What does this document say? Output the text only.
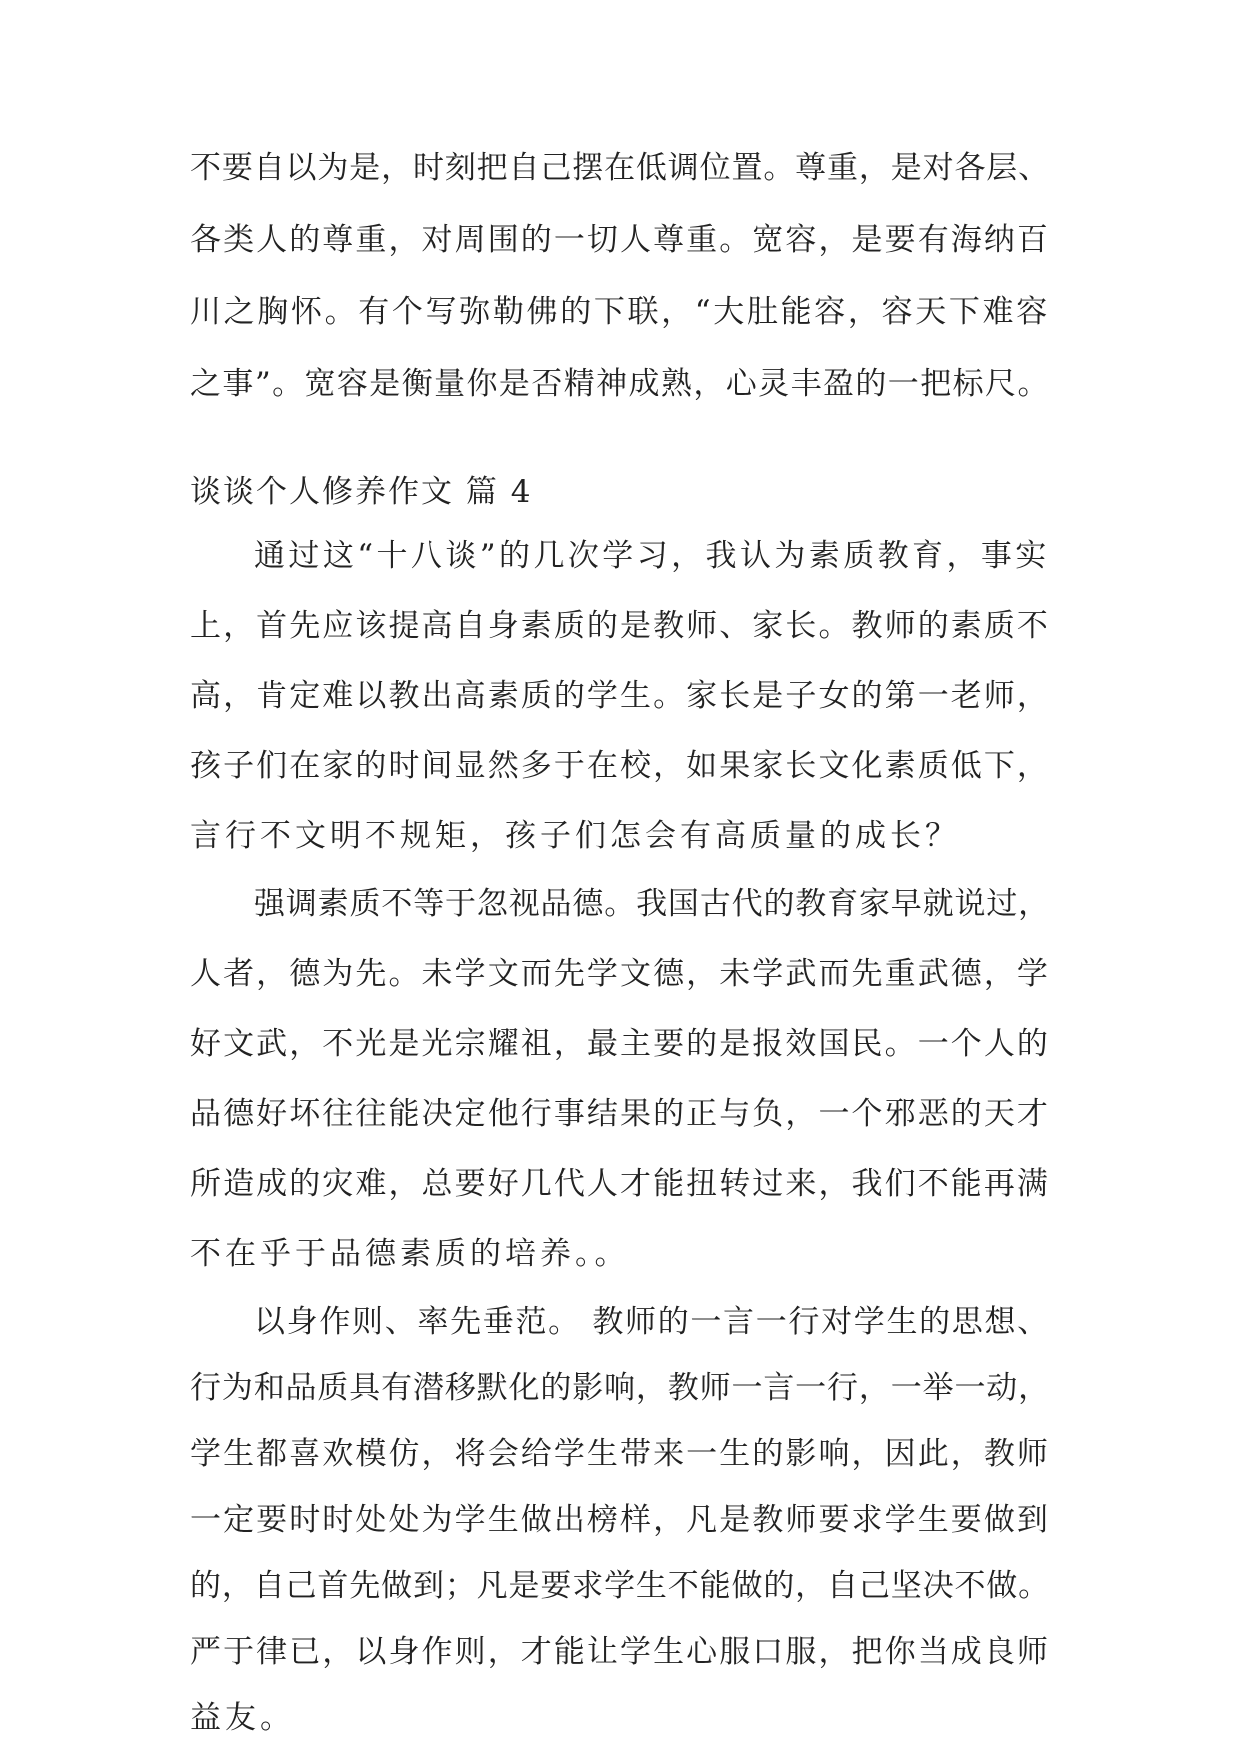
不要自以为是，时刻把自己摆在低调位置。尊重，是对各层、
各类人的尊重，对周围的一切人尊重。宽容，是要有海纳百
川之胸怀。有个写弥勒佛的下联，“大肚能容，容天下难容
之事”。宽容是衡量你是否精神成熟，心灵丰盈的一把标尺。
谈谈个人修养作文 篇 4
通过这“十八谈”的几次学习，我认为素质教育，事实
上，首先应该提高自身素质的是教师、家长。教师的素质不
高，肯定难以教出高素质的学生。家长是子女的第一老师，
孩子们在家的时间显然多于在校，如果家长文化素质低下，
言行不文明不规矩，孩子们怎会有高质量的成长？
强调素质不等于忽视品德。我国古代的教育家早就说过，
人者，德为先。未学文而先学文德，未学武而先重武德，学
好文武，不光是光宗耀祖，最主要的是报效国民。一个人的
品德好坏往往能决定他行事结果的正与负，一个邪恶的天才
所造成的灾难，总要好几代人才能扭转过来，我们不能再满
不在乎于品德素质的培养。。
以身作则、率先垂范。 教师的一言一行对学生的思想、
行为和品质具有潜移默化的影响，教师一言一行，一举一动，
学生都喜欢模仿，将会给学生带来一生的影响，因此，教师
一定要时时处处为学生做出榜样，凡是教师要求学生要做到
的，自己首先做到；凡是要求学生不能做的，自己坚决不做。
严于律已，以身作则，才能让学生心服口服，把你当成良师
益友。
